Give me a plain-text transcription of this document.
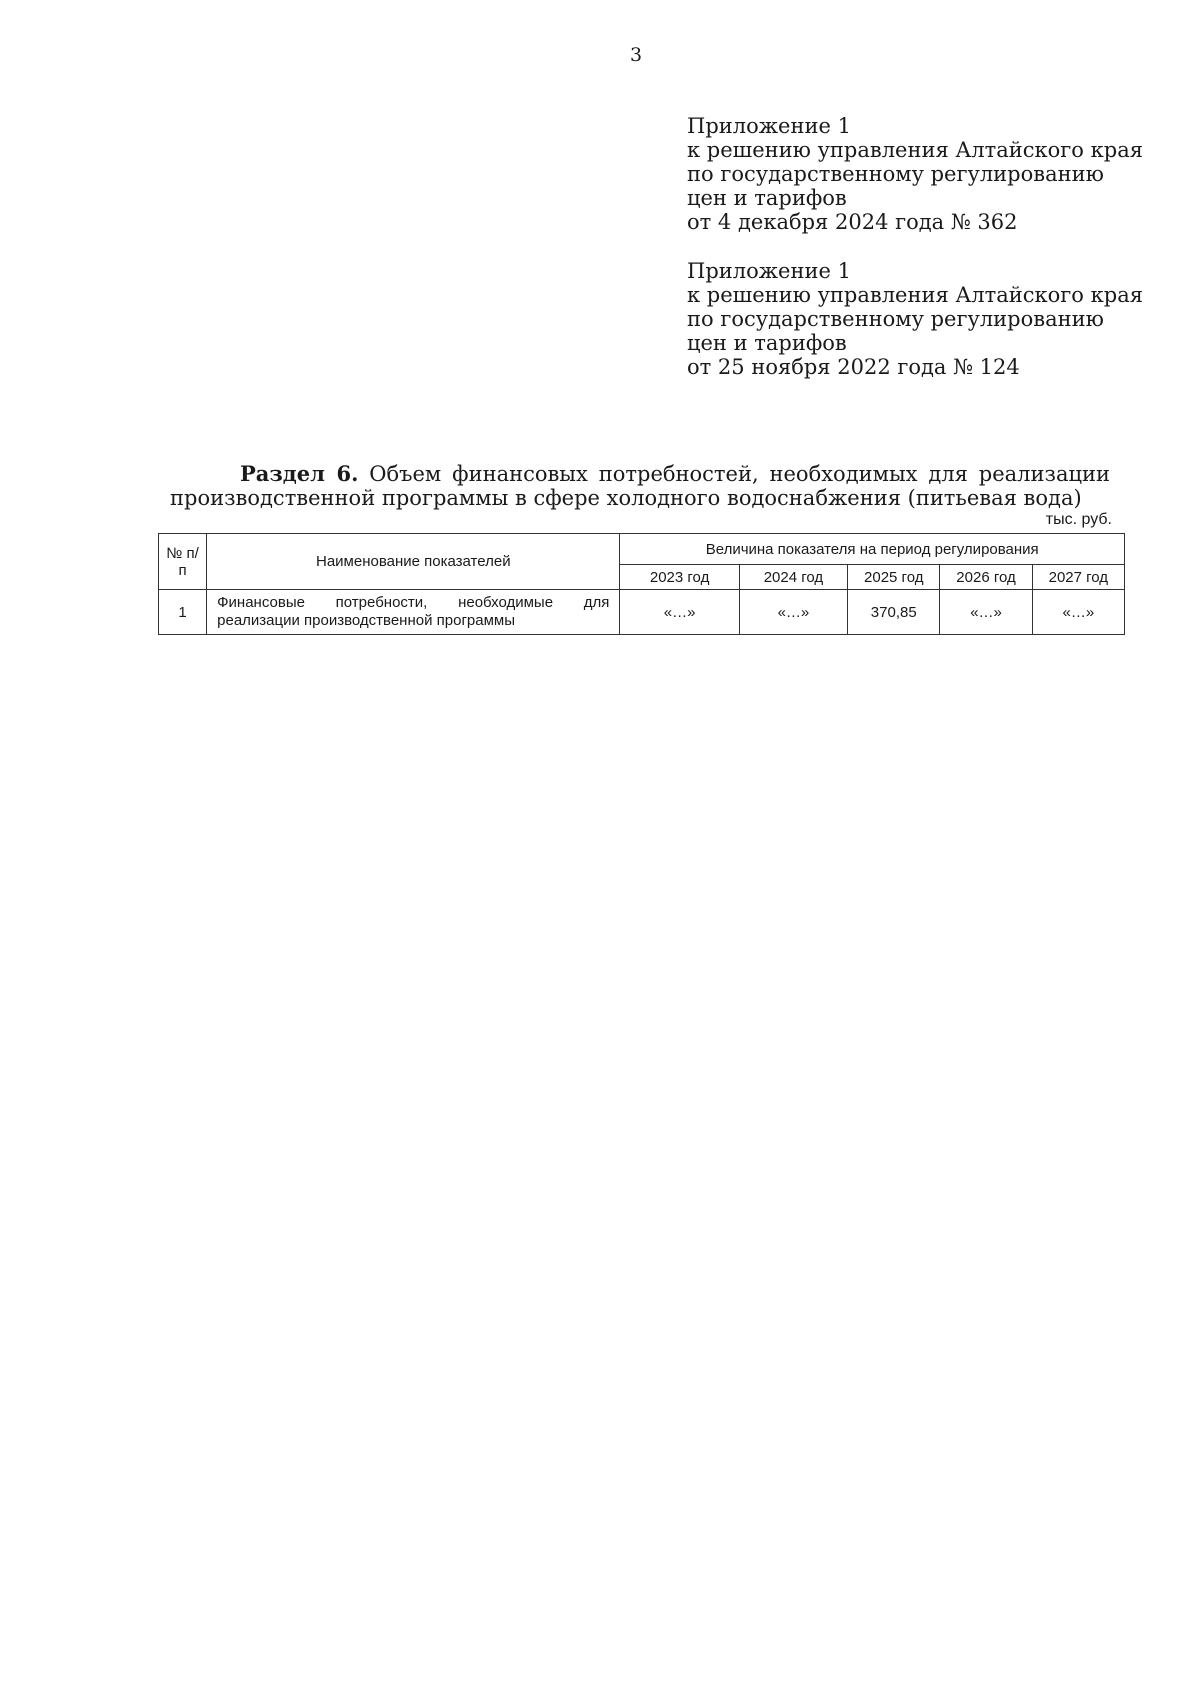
3
Приложение 1
к решению управления Алтайского края
по государственному регулированию
цен и тарифов
от 4 декабря 2024 года № 362
Приложение 1
к решению управления Алтайского края
по государственному регулированию
цен и тарифов
от 25 ноября 2022 года № 124
Раздел 6. Объем финансовых потребностей, необходимых для реализации
производственной программы в сфере холодного водоснабжения (питьевая вода)
тыс. руб.
№ п/п	Наименование показателей	Величина показателя на период регулирования				
		2023 год	2024 год	2025 год	2026 год	2027 год
1	Финансовые потребности, необходимые для реализации производственной программы	«…»	«…»	370,85	«…»	«…»
